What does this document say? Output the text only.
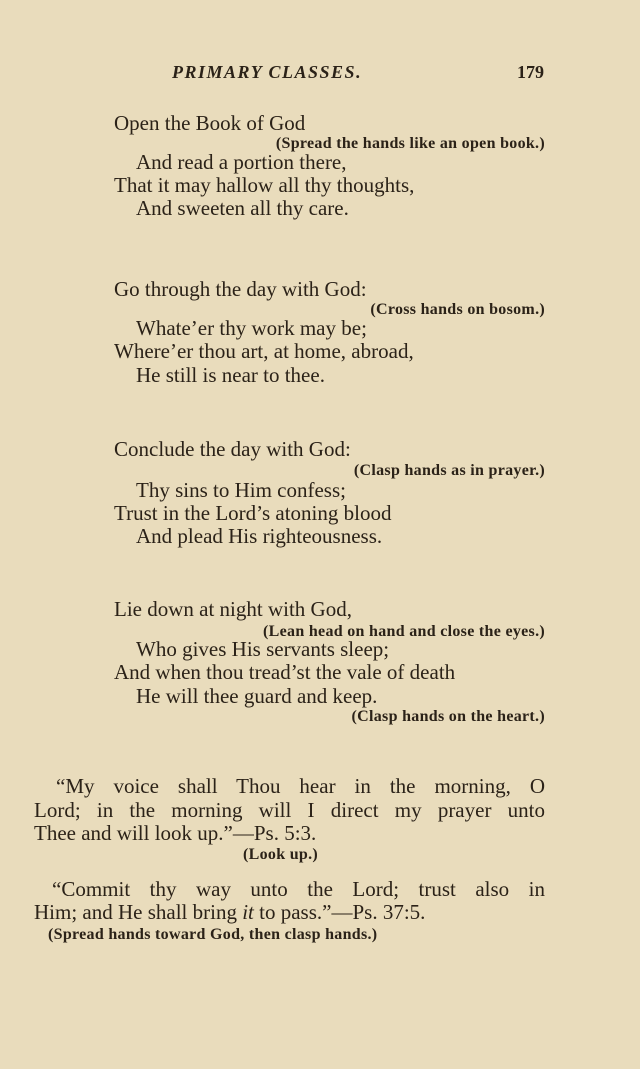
PRIMARY CLASSES.	179
Open the Book of God
(Spread the hands like an open book.)
And read a portion there,
That it may hallow all thy thoughts,
And sweeten all thy care.
Go through the day with God:
(Cross hands on bosom.)
Whate’er thy work may be;
Where’er thou art, at home, abroad,
He still is near to thee.
Conclude the day with God:
(Clasp hands as in prayer.)
Thy sins to Him confess;
Trust in the Lord’s atoning blood
And plead His righteousness.
Lie down at night with God,
(Lean head on hand and close the eyes.)
Who gives His servants sleep;
And when thou tread’st the vale of death
He will thee guard and keep.
(Clasp hands on the heart.)
“My voice shall Thou hear in the morning, O
Lord; in the morning will I direct my prayer unto
Thee and will look up.”—Ps. 5:3.
(Look up.)
“Commit thy way unto the Lord; trust also in
Him; and He shall bring it to pass.”—Ps. 37:5.
(Spread hands toward God, then clasp hands.)
